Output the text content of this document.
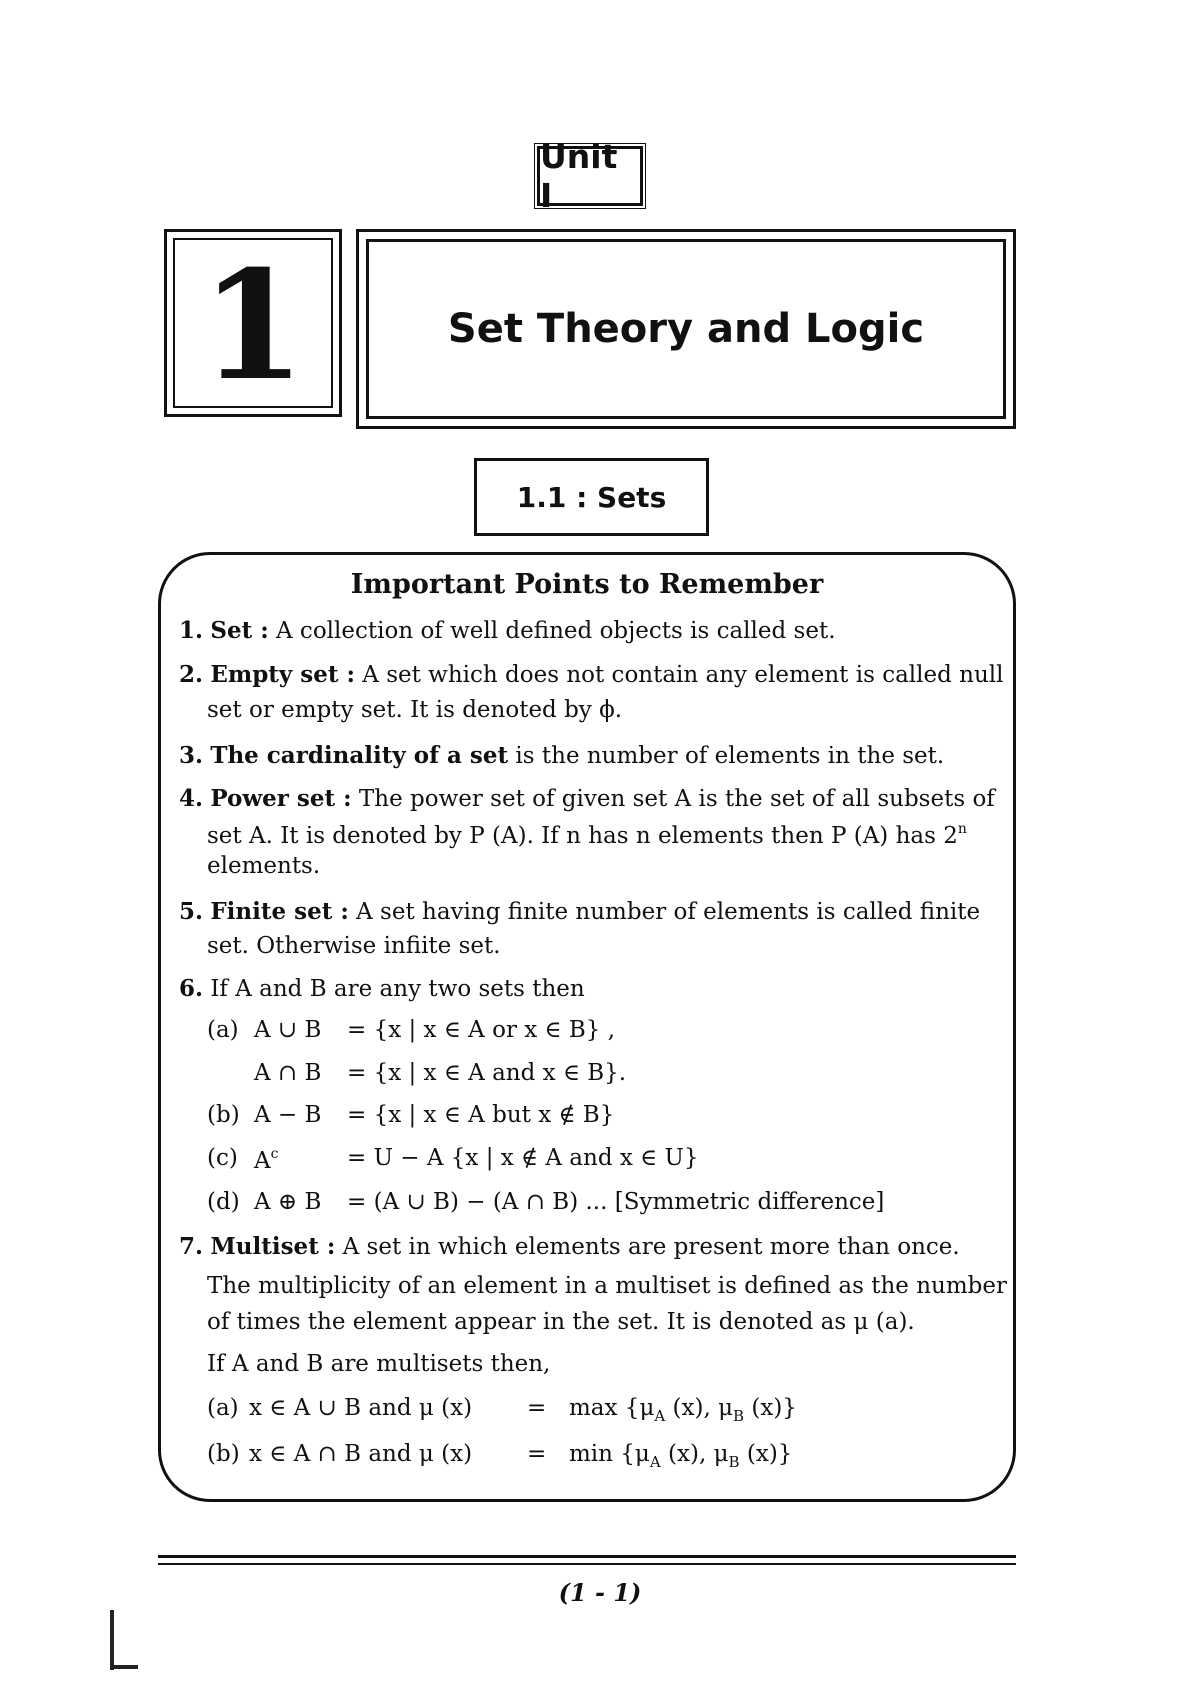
Unit I
1	Set Theory and Logic
1.1 : Sets
Important Points to Remember
1. Set : A collection of well defined objects is called set.
2. Empty set : A set which does not contain any element is called null
set or empty set. It is denoted by ϕ.
3. The cardinality of a set is the number of elements in the set.
4. Power set : The power set of given set A is the set of all subsets of
set A. It is denoted by P (A). If n has n elements then P (A) has 2$^n$
elements.
5. Finite set : A set having finite number of elements is called finite
set. Otherwise infiite set.
6. If A and B are any two sets then
(a) A ∪ B = {x | x ∈ A or x ∈ B} ,
A ∩ B = {x | x ∈ A and x ∈ B}.
(b) A − B = {x | x ∈ A but x ∉ B}
(c) $A^c$	= U − A {x | x ∉ A and x ∈ U}
(d) A ⊕ B = (A ∪ B) − (A ∩ B) ... [Symmetric difference]
7. Multiset : A set in which elements are present more than once.
The multiplicity of an element in a multiset is defined as the number
of times the element appear in the set. It is denoted as μ (a).
If A and B are multisets then,
(a) x ∈ A ∪ B and μ $(x) = \max \{\mu_A$ (x), $\mu_B$ (x)}
(b) x ∈ A ∩ B and μ $(x) = \min \{\mu_A$ (x), $\mu_B$ (x)}
(1 - 1)
